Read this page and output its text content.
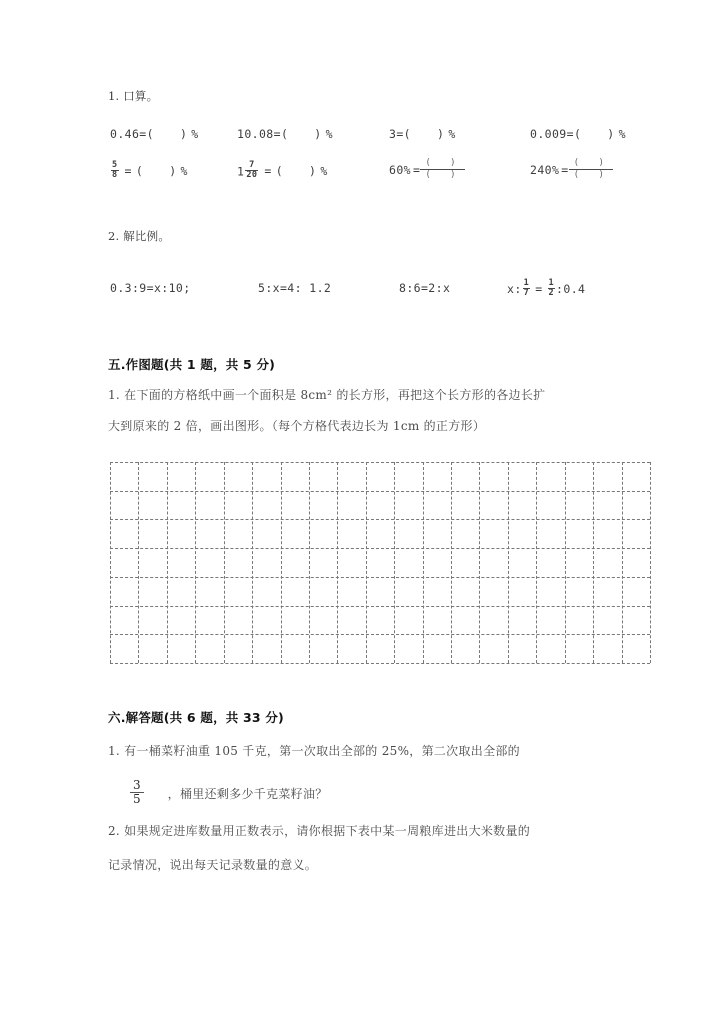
1. 口算。
0.46=( ) %	10.08=( ) %	3=( ) %	0.009=( ) %
$\frac{5}{8}$ = ( ) %	$1 \frac{7}{20}$ = ( ) %	$60\% = \frac{( )}{( )}$	$240\% = \frac{( )}{( )}$
2. 解比例。
0.3:9=x:10;	5:x=4: 1.2	8:6=2:x	x: $\frac{1}{7} = \frac{1}{2}$ :0.4
五.作图题(共 1 题，共 5 分)
1. 在下面的方格纸中画一个面积是 8cm² 的长方形，再把这个长方形的各边长扩
大到原来的 2 倍，画出图形。（每个方格代表边长为 1cm 的正方形）
六.解答题(共 6 题，共 33 分)
1. 有一桶菜籽油重 105 千克，第一次取出全部的 25%，第二次取出全部的
$\frac{3}{5}$ ，桶里还剩多少千克菜籽油？
2. 如果规定进库数量用正数表示，请你根据下表中某一周粮库进出大米数量的
记录情况，说出每天记录数量的意义。
